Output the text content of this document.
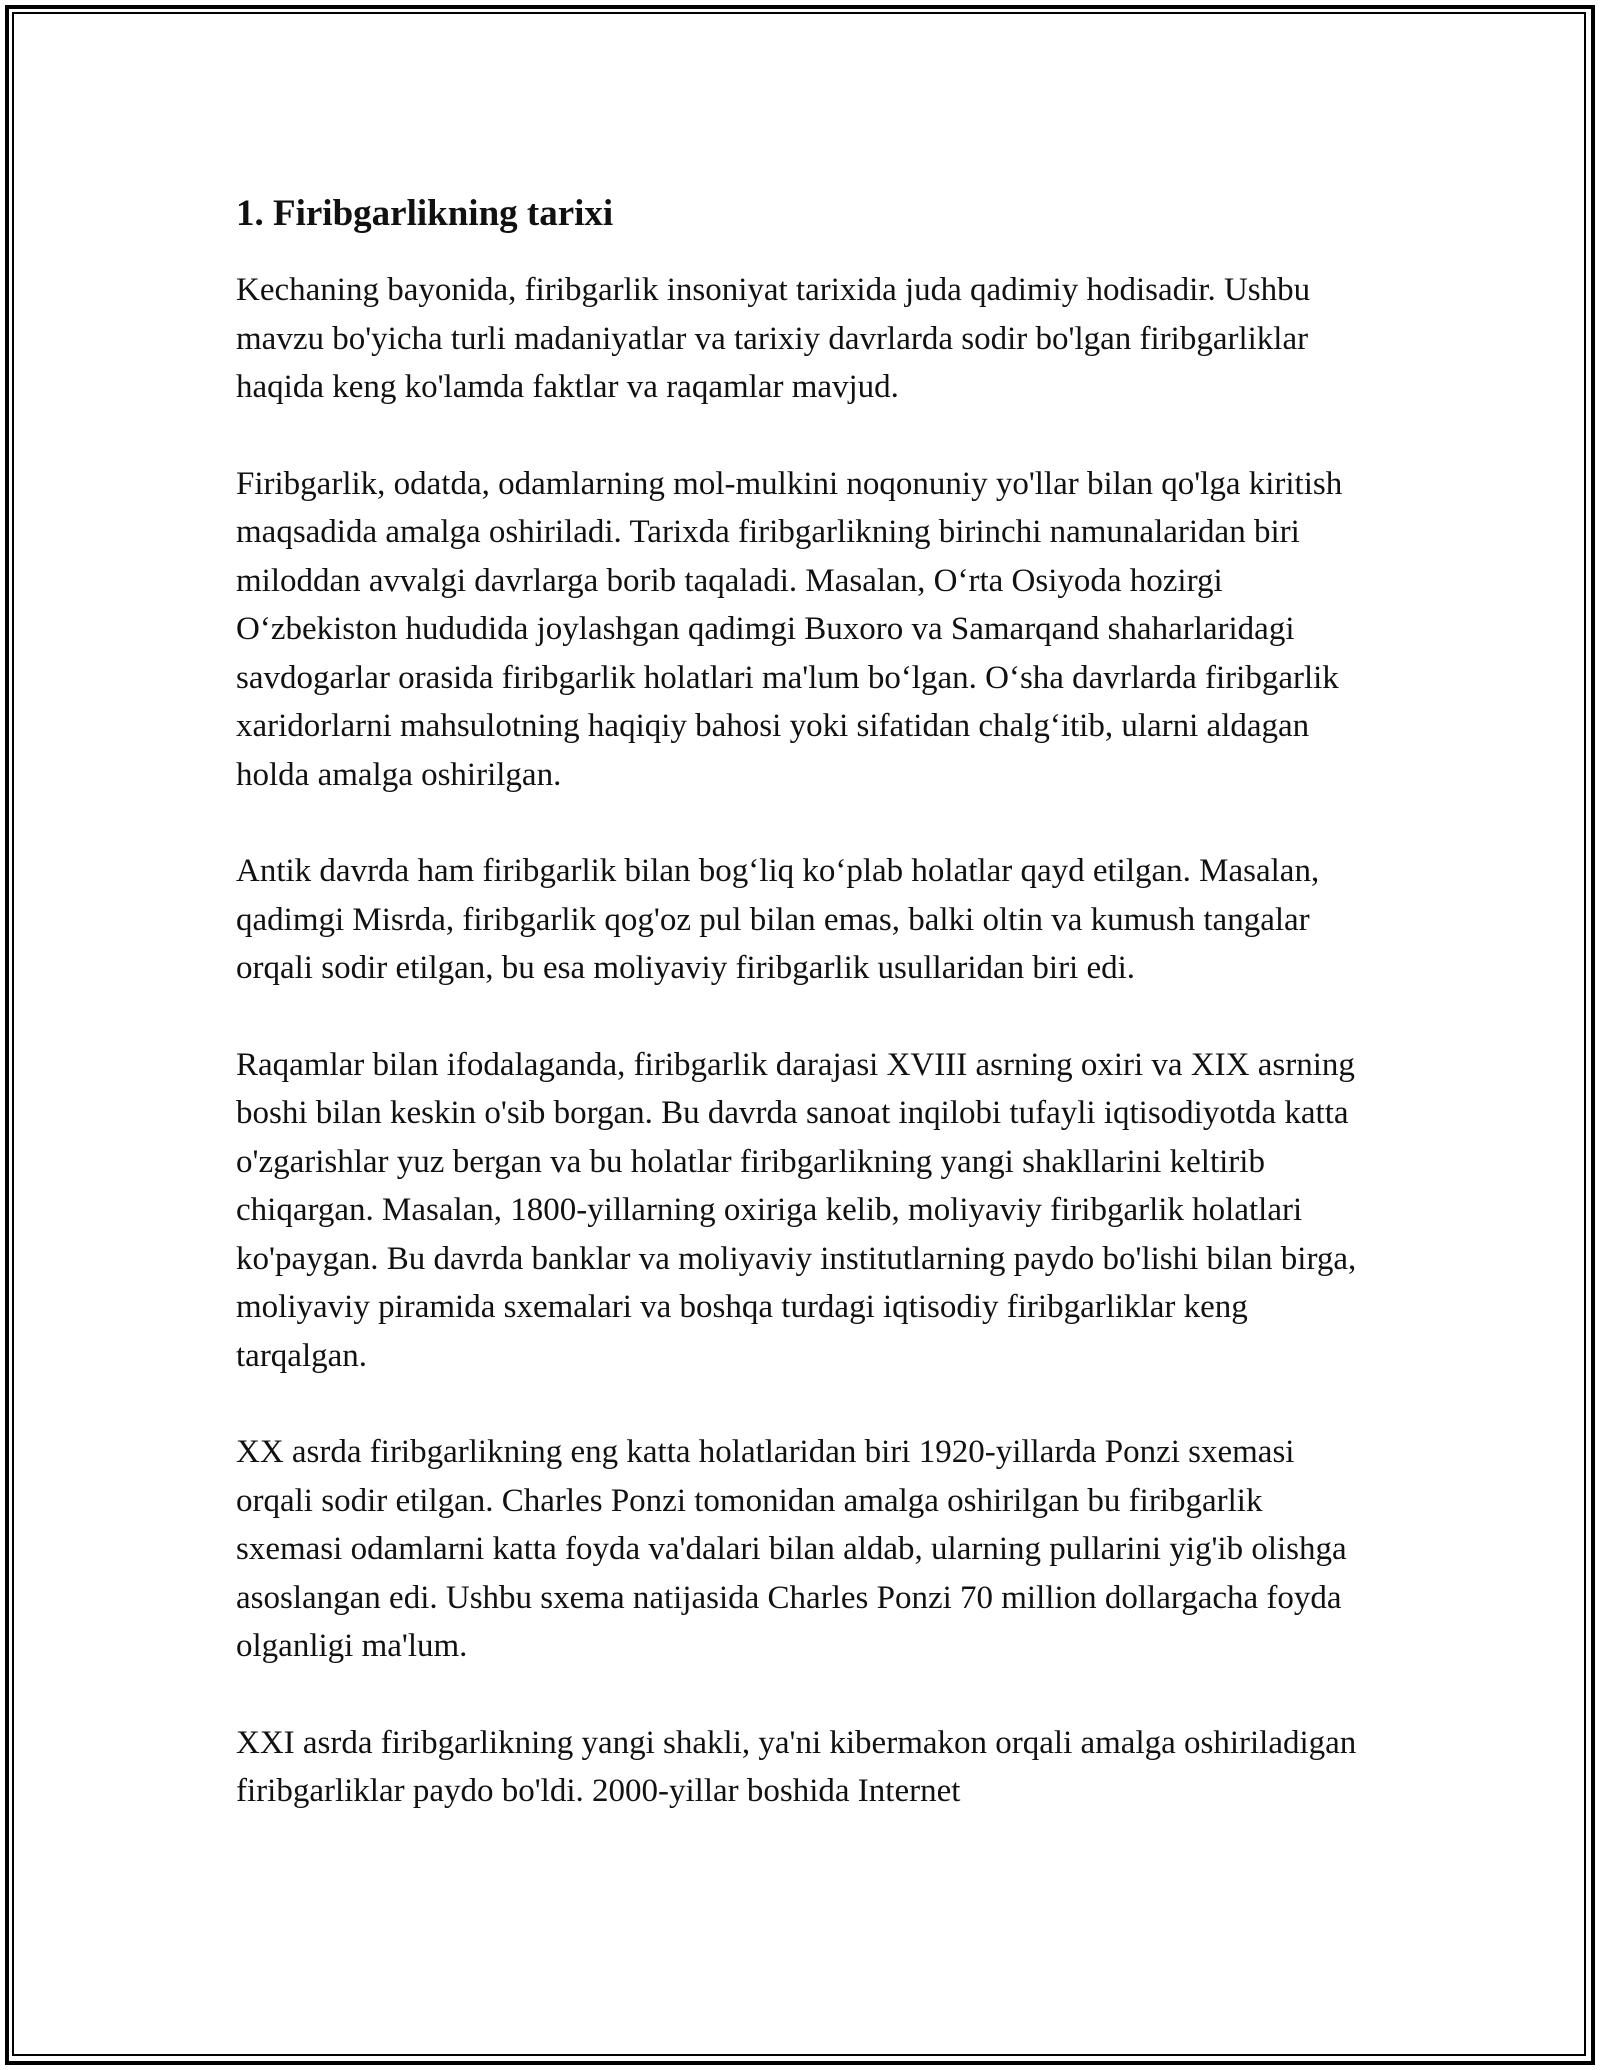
1. Firibgarlikning tarixi

Kechaning bayonida, firibgarlik insoniyat tarixida juda qadimiy hodisadir. Ushbu mavzu bo'yicha turli madaniyatlar va tarixiy davrlarda sodir bo'lgan firibgarliklar haqida keng ko'lamda faktlar va raqamlar mavjud.

Firibgarlik, odatda, odamlarning mol-mulkini noqonuniy yo'llar bilan qo'lga kiritish maqsadida amalga oshiriladi. Tarixda firibgarlikning birinchi namunalaridan biri miloddan avvalgi davrlarga borib taqaladi. Masalan, Oʻrta Osiyoda hozirgi Oʻzbekiston hududida joylashgan qadimgi Buxoro va Samarqand shaharlaridagi savdogarlar orasida firibgarlik holatlari ma'lum boʻlgan. Oʻsha davrlarda firibgarlik xaridorlarni mahsulotning haqiqiy bahosi yoki sifatidan chalgʻitib, ularni aldagan holda amalga oshirilgan.

Antik davrda ham firibgarlik bilan bogʻliq koʻplab holatlar qayd etilgan. Masalan, qadimgi Misrda, firibgarlik qog'oz pul bilan emas, balki oltin va kumush tangalar orqali sodir etilgan, bu esa moliyaviy firibgarlik usullaridan biri edi.

Raqamlar bilan ifodalaganda, firibgarlik darajasi XVIII asrning oxiri va XIX asrning boshi bilan keskin o'sib borgan. Bu davrda sanoat inqilobi tufayli iqtisodiyotda katta o'zgarishlar yuz bergan va bu holatlar firibgarlikning yangi shakllarini keltirib chiqargan. Masalan, 1800-yillarning oxiriga kelib, moliyaviy firibgarlik holatlari ko'paygan. Bu davrda banklar va moliyaviy institutlarning paydo bo'lishi bilan birga, moliyaviy piramida sxemalari va boshqa turdagi iqtisodiy firibgarliklar keng tarqalgan.

XX asrda firibgarlikning eng katta holatlaridan biri 1920-yillarda Ponzi sxemasi orqali sodir etilgan. Charles Ponzi tomonidan amalga oshirilgan bu firibgarlik sxemasi odamlarni katta foyda va'dalari bilan aldab, ularning pullarini yig'ib olishga asoslangan edi. Ushbu sxema natijasida Charles Ponzi 70 million dollargacha foyda olganligi ma'lum.

XXI asrda firibgarlikning yangi shakli, ya'ni kibermakon orqali amalga oshiriladigan firibgarliklar paydo bo'ldi. 2000-yillar boshida Internet
